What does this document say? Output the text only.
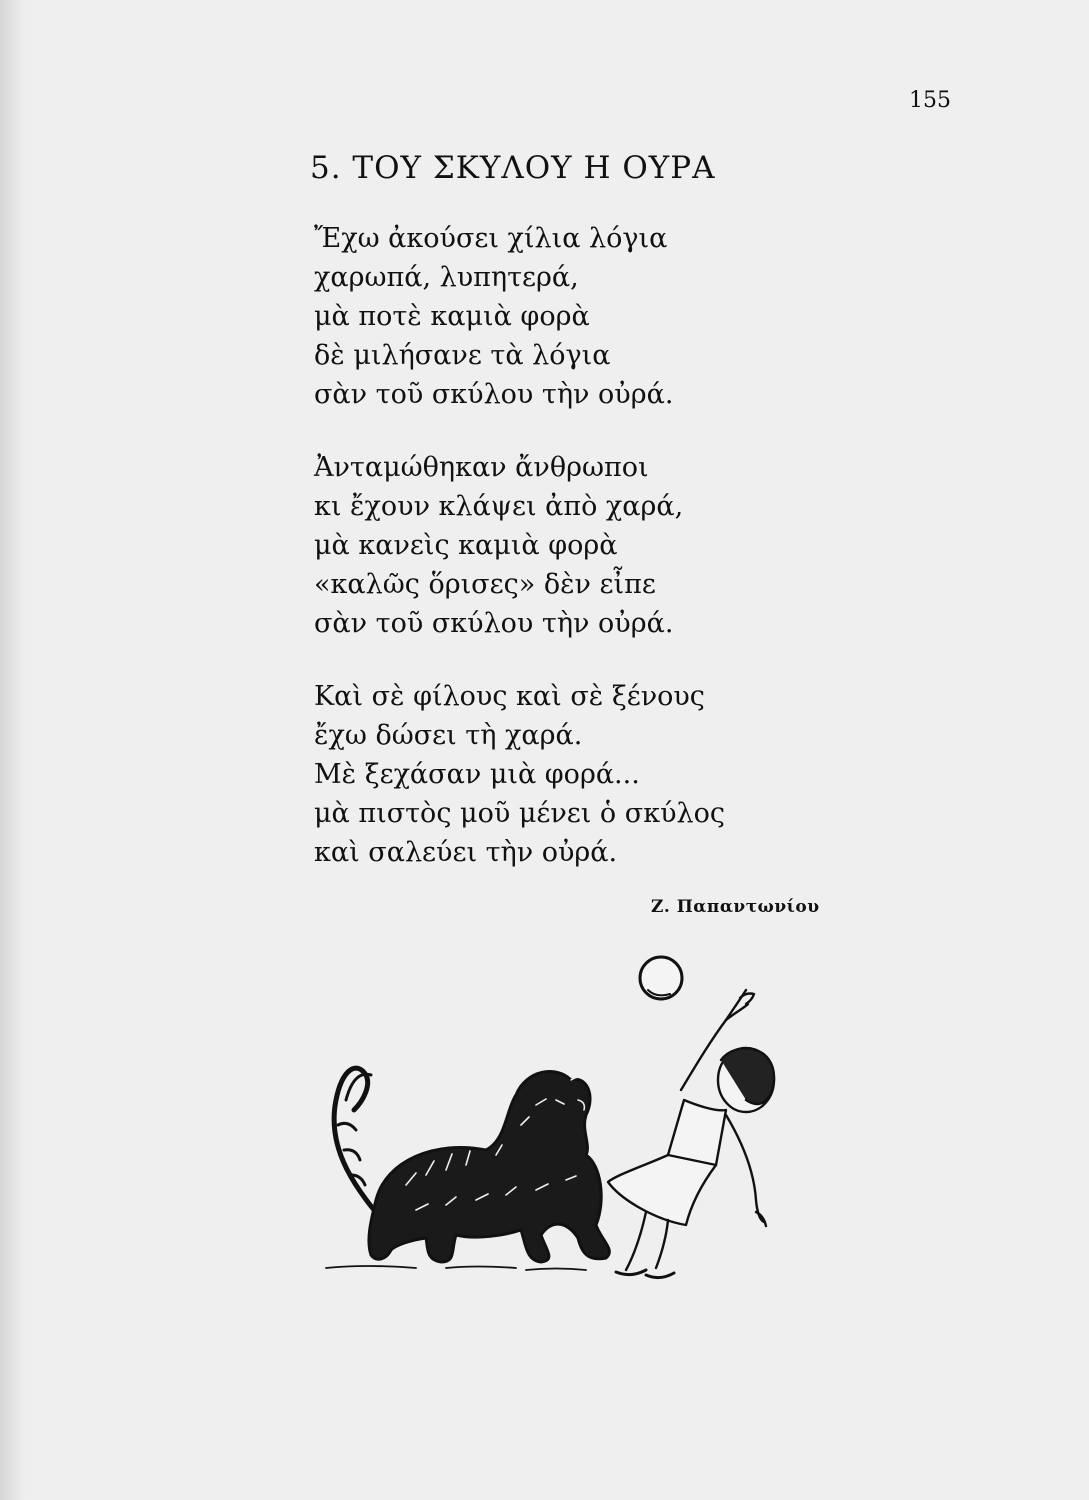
155
5. ΤΟΥ ΣΚΥΛΟΥ Η ΟΥΡΑ
Ἔχω ἀκούσει χίλια λόγια
χαρωπά, λυπητερά,
μὰ ποτὲ καμιὰ φορὰ
δὲ μιλήσανε τὰ λόγια
σὰν τοῦ σκύλου τὴν οὐρά.
Ἀνταμώθηκαν ἄνθρωποι
κι ἔχουν κλάψει ἀπὸ χαρά,
μὰ κανεὶς καμιὰ φορὰ
«καλῶς ὅρισες» δὲν εἶπε
σὰν τοῦ σκύλου τὴν οὐρά.
Καὶ σὲ φίλους καὶ σὲ ξένους
ἔχω δώσει τὴ χαρά.
Μὲ ξεχάσαν μιὰ φορά...
μὰ πιστὸς μοῦ μένει ὁ σκύλος
καὶ σαλεύει τὴν οὐρά.
Ζ. Παπαντωνίου
